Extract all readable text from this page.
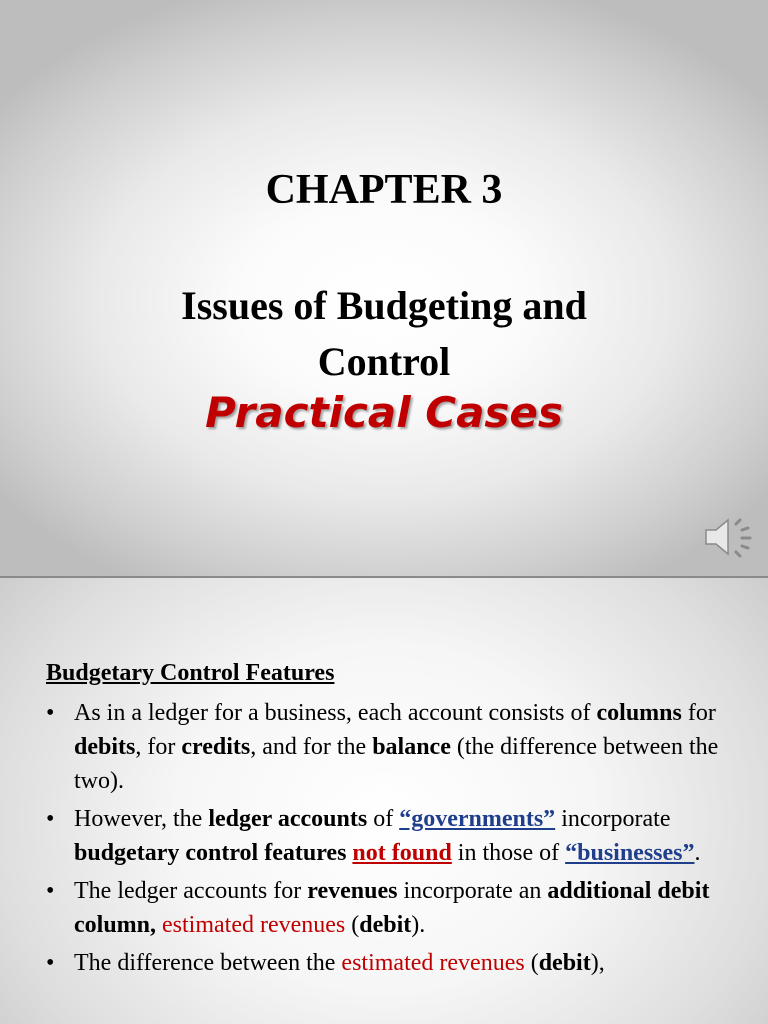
CHAPTER 3
Issues of Budgeting and
Control
Practical Cases
Budgetary Control Features
• As in a ledger for a business, each account consists of columns for debits, for credits, and for the balance (the difference between the two).
• However, the ledger accounts of “governments” incorporate budgetary control features not found in those of “businesses”.
• The ledger accounts for revenues incorporate an additional debit column, estimated revenues (debit).
• The difference between the estimated revenues (debit),
